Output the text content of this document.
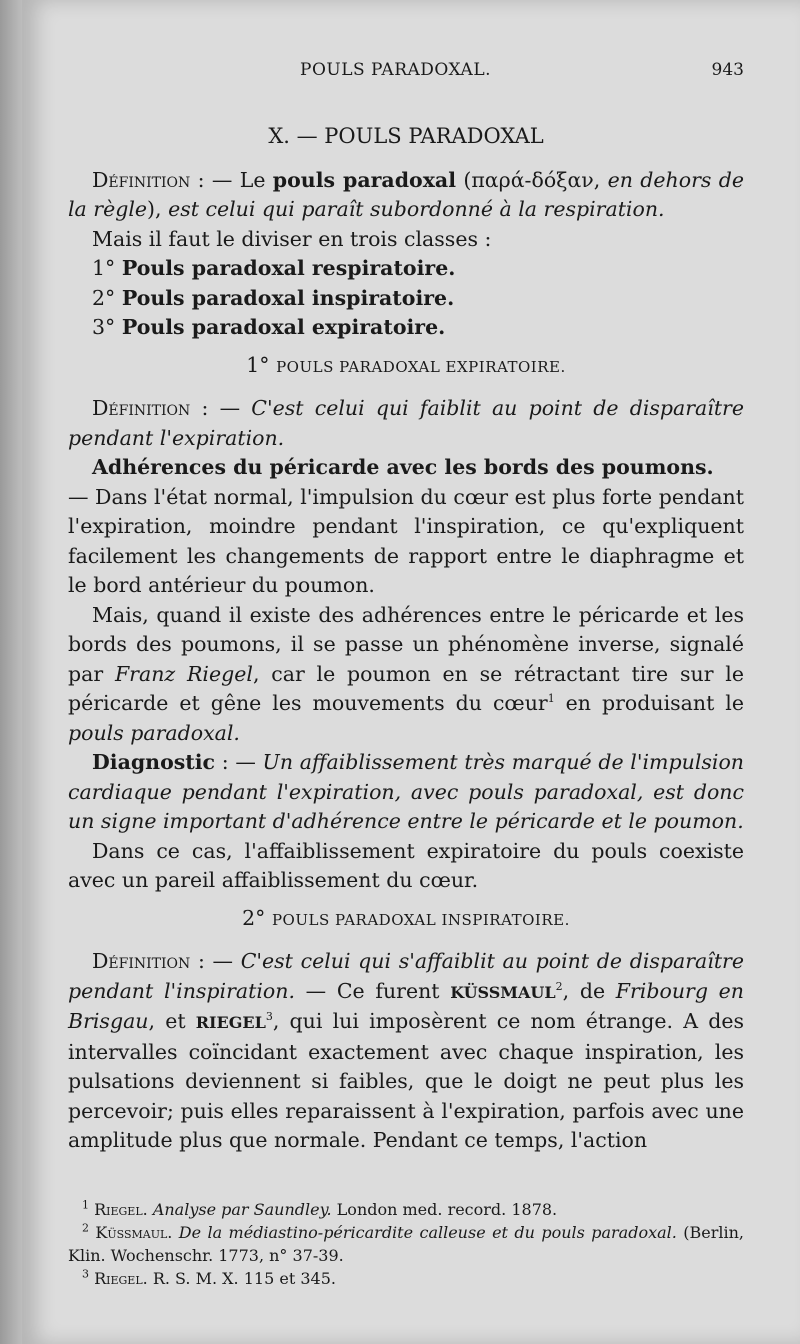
POULS PARADOXAL.	943

X. — POULS PARADOXAL

Définition : — Le pouls paradoxal (παρά-δόξαν, en dehors de la règle), est celui qui paraît subordonné à la respiration.

Mais il faut le diviser en trois classes :

1° Pouls paradoxal respiratoire.

2° Pouls paradoxal inspiratoire.

3° Pouls paradoxal expiratoire.

1° POULS PARADOXAL EXPIRATOIRE.

Définition : — C'est celui qui faiblit au point de disparaître pendant l'expiration.

Adhérences du péricarde avec les bords des poumons.

— Dans l'état normal, l'impulsion du cœur est plus forte pendant l'expiration, moindre pendant l'inspiration, ce qu'expliquent facilement les changements de rapport entre le diaphragme et le bord antérieur du poumon.

Mais, quand il existe des adhérences entre le péricarde et les bords des poumons, il se passe un phénomène inverse, signalé par Franz Riegel, car le poumon en se rétractant tire sur le péricarde et gêne les mouvements du cœur$^1$ en produisant le pouls paradoxal.

Diagnostic : — Un affaiblissement très marqué de l'impulsion cardiaque pendant l'expiration, avec pouls paradoxal, est donc un signe important d'adhérence entre le péricarde et le poumon.

Dans ce cas, l'affaiblissement expiratoire du pouls coexiste avec un pareil affaiblissement du cœur.

2° POULS PARADOXAL INSPIRATOIRE.

Définition : — C'est celui qui s'affaiblit au point de disparaître pendant l'inspiration. — Ce furent KÜSSMAUL$^2$, de Fribourg en Brisgau, et RIEGEL$^3$, qui lui imposèrent ce nom étrange. A des intervalles coïncidant exactement avec chaque inspiration, les pulsations deviennent si faibles, que le doigt ne peut plus les percevoir; puis elles reparaissent à l'expiration, parfois avec une amplitude plus que normale. Pendant ce temps, l'action

$^1$ Riegel. Analyse par Saundley. London med. record. 1878.

$^2$ Küssmaul. De la médiastino-péricardite calleuse et du pouls paradoxal. (Berlin, Klin. Wochenschr. 1773, n° 37-39.

$^3$ Riegel. R. S. M. X. 115 et 345.
